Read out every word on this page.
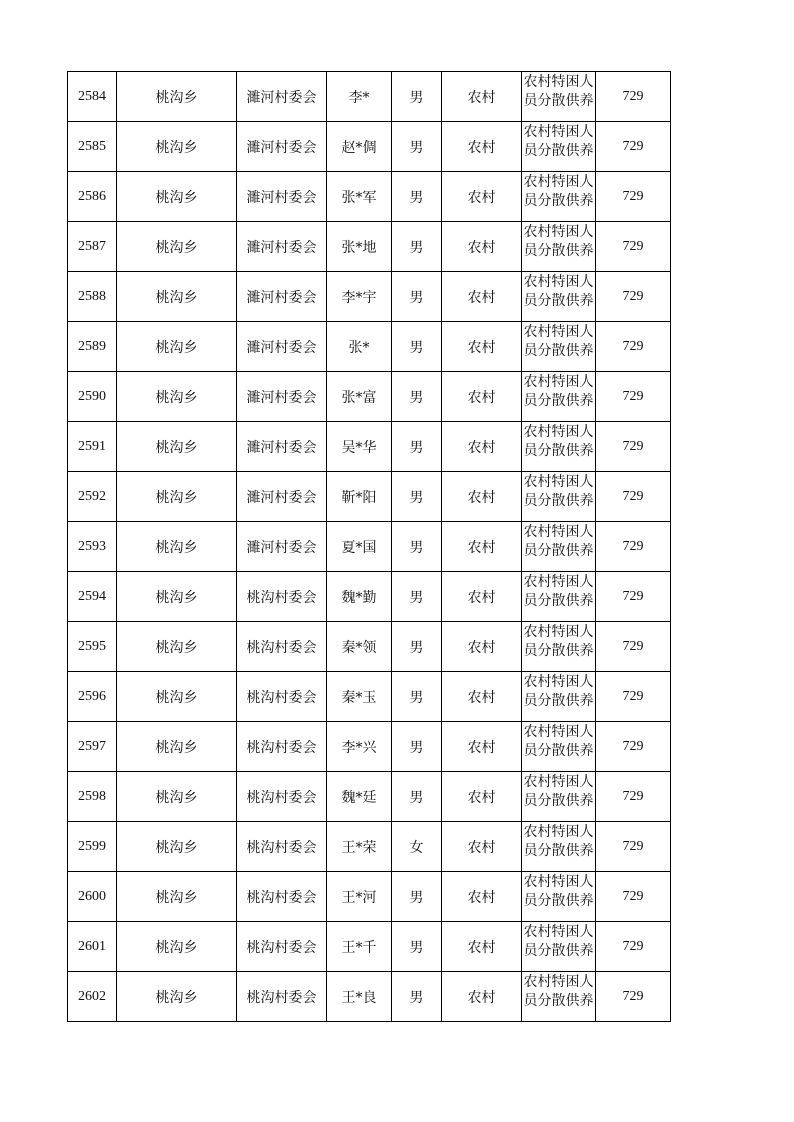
2584	桃沟乡	濉河村委会	李*	男	农村	农村特困人员分散供养	729
2585	桃沟乡	濉河村委会	赵*倜	男	农村	农村特困人员分散供养	729
2586	桃沟乡	濉河村委会	张*军	男	农村	农村特困人员分散供养	729
2587	桃沟乡	濉河村委会	张*地	男	农村	农村特困人员分散供养	729
2588	桃沟乡	濉河村委会	李*宇	男	农村	农村特困人员分散供养	729
2589	桃沟乡	濉河村委会	张*	男	农村	农村特困人员分散供养	729
2590	桃沟乡	濉河村委会	张*富	男	农村	农村特困人员分散供养	729
2591	桃沟乡	濉河村委会	吴*华	男	农村	农村特困人员分散供养	729
2592	桃沟乡	濉河村委会	靳*阳	男	农村	农村特困人员分散供养	729
2593	桃沟乡	濉河村委会	夏*国	男	农村	农村特困人员分散供养	729
2594	桃沟乡	桃沟村委会	魏*勤	男	农村	农村特困人员分散供养	729
2595	桃沟乡	桃沟村委会	秦*领	男	农村	农村特困人员分散供养	729
2596	桃沟乡	桃沟村委会	秦*玉	男	农村	农村特困人员分散供养	729
2597	桃沟乡	桃沟村委会	李*兴	男	农村	农村特困人员分散供养	729
2598	桃沟乡	桃沟村委会	魏*廷	男	农村	农村特困人员分散供养	729
2599	桃沟乡	桃沟村委会	王*荣	女	农村	农村特困人员分散供养	729
2600	桃沟乡	桃沟村委会	王*河	男	农村	农村特困人员分散供养	729
2601	桃沟乡	桃沟村委会	王*千	男	农村	农村特困人员分散供养	729
2602	桃沟乡	桃沟村委会	王*良	男	农村	农村特困人员分散供养	729
